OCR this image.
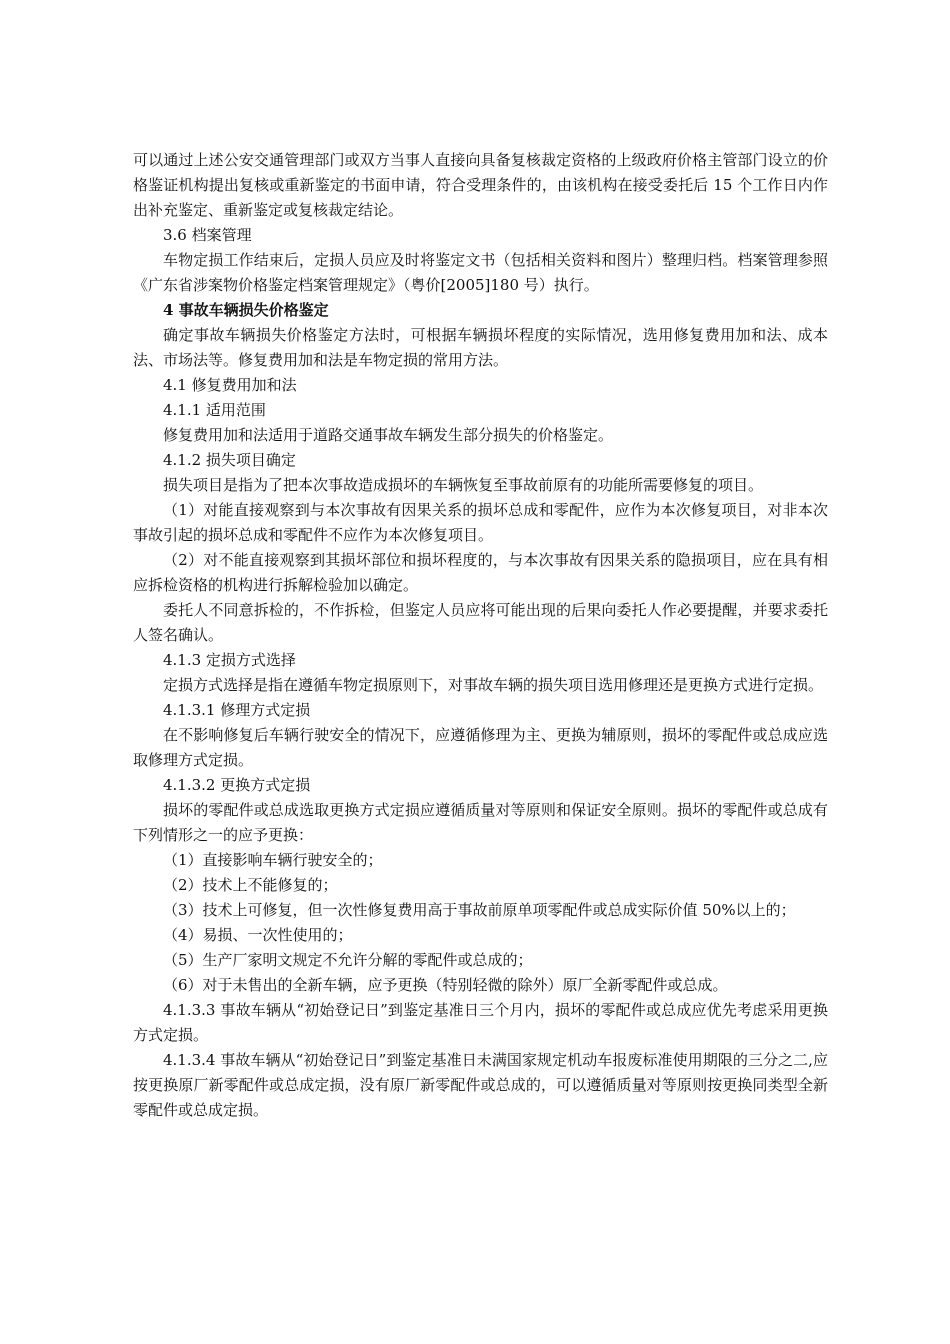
可以通过上述公安交通管理部门或双方当事人直接向具备复核裁定资格的上级政府价格主管部门设立的价格鉴证机构提出复核或重新鉴定的书面申请，符合受理条件的，由该机构在接受委托后 15 个工作日内作出补充鉴定、重新鉴定或复核裁定结论。

3.6 档案管理

车物定损工作结束后，定损人员应及时将鉴定文书（包括相关资料和图片）整理归档。档案管理参照《广东省涉案物价格鉴定档案管理规定》（粤价[2005]180 号）执行。

4 事故车辆损失价格鉴定

确定事故车辆损失价格鉴定方法时，可根据车辆损坏程度的实际情况，选用修复费用加和法、成本法、市场法等。修复费用加和法是车物定损的常用方法。

4.1 修复费用加和法

4.1.1 适用范围

修复费用加和法适用于道路交通事故车辆发生部分损失的价格鉴定。

4.1.2 损失项目确定

损失项目是指为了把本次事故造成损坏的车辆恢复至事故前原有的功能所需要修复的项目。

（1）对能直接观察到与本次事故有因果关系的损坏总成和零配件，应作为本次修复项目，对非本次事故引起的损坏总成和零配件不应作为本次修复项目。

（2）对不能直接观察到其损坏部位和损坏程度的，与本次事故有因果关系的隐损项目，应在具有相应拆检资格的机构进行拆解检验加以确定。

委托人不同意拆检的，不作拆检，但鉴定人员应将可能出现的后果向委托人作必要提醒，并要求委托人签名确认。

4.1.3 定损方式选择

定损方式选择是指在遵循车物定损原则下，对事故车辆的损失项目选用修理还是更换方式进行定损。

4.1.3.1 修理方式定损

在不影响修复后车辆行驶安全的情况下，应遵循修理为主、更换为辅原则，损坏的零配件或总成应选取修理方式定损。

4.1.3.2 更换方式定损

损坏的零配件或总成选取更换方式定损应遵循质量对等原则和保证安全原则。损坏的零配件或总成有下列情形之一的应予更换：

（1）直接影响车辆行驶安全的；

（2）技术上不能修复的；

（3）技术上可修复，但一次性修复费用高于事故前原单项零配件或总成实际价值 50%以上的；

（4）易损、一次性使用的；

（5）生产厂家明文规定不允许分解的零配件或总成的；

（6）对于未售出的全新车辆，应予更换（特别轻微的除外）原厂全新零配件或总成。

4.1.3.3 事故车辆从“初始登记日”到鉴定基准日三个月内，损坏的零配件或总成应优先考虑采用更换方式定损。

4.1.3.4 事故车辆从“初始登记日”到鉴定基准日未满国家规定机动车报废标准使用期限的三分之二,应按更换原厂新零配件或总成定损，没有原厂新零配件或总成的，可以遵循质量对等原则按更换同类型全新零配件或总成定损。
